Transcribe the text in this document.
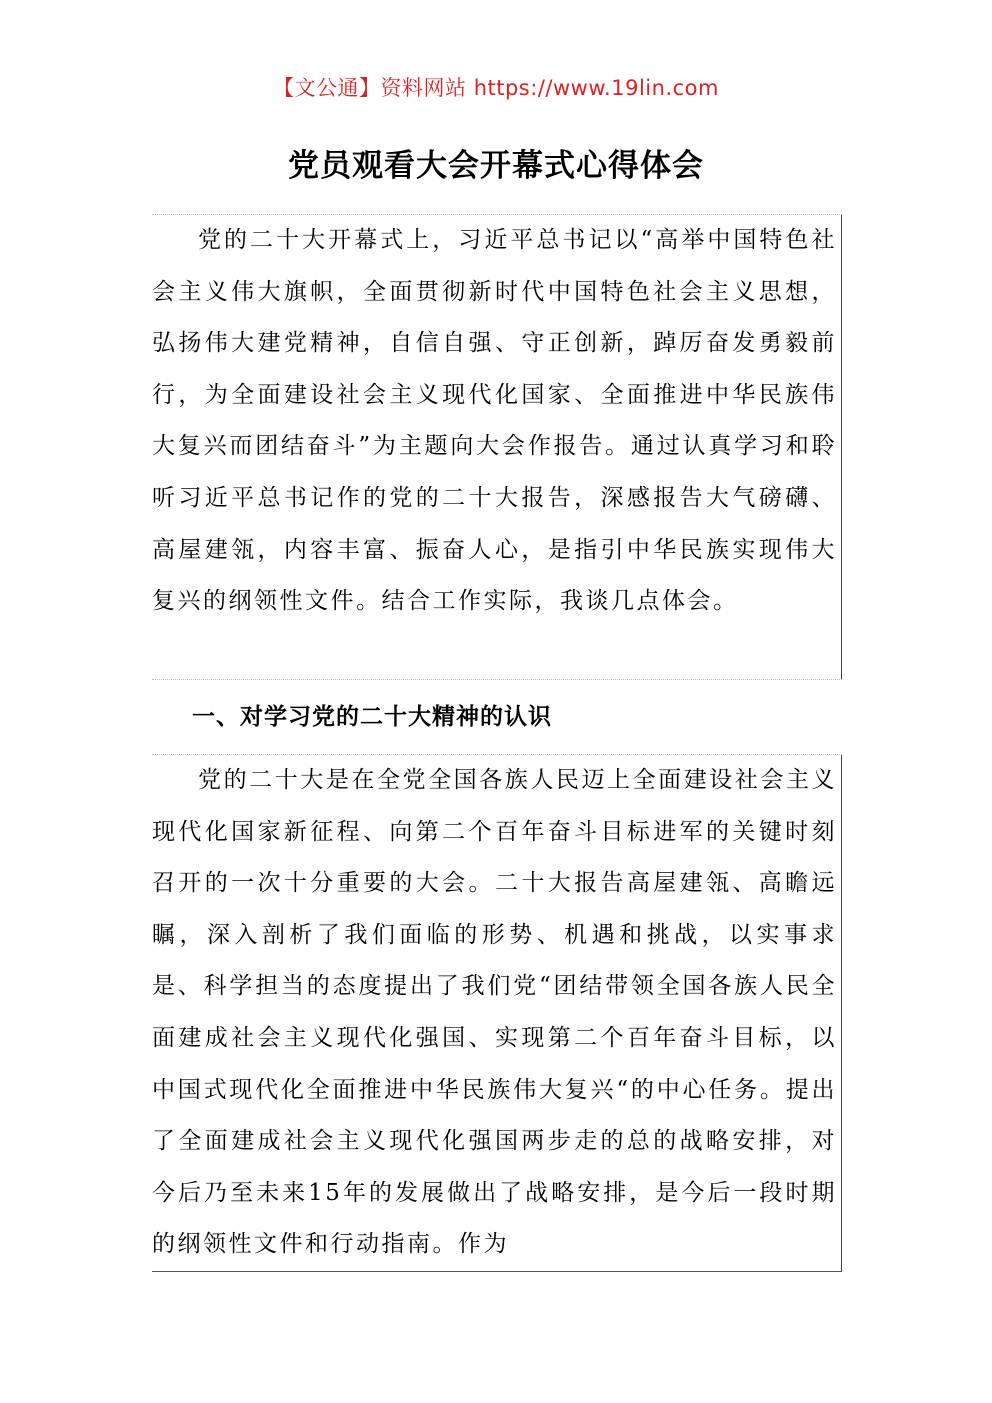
【文公通】资料网站 https://www.19lin.com
党员观看大会开幕式心得体会

党的二十大开幕式上，习近平总书记以“高举中国特色社会主义伟大旗帜，全面贯彻新时代中国特色社会主义思想，弘扬伟大建党精神，自信自强、守正创新，踔厉奋发勇毅前行，为全面建设社会主义现代化国家、全面推进中华民族伟大复兴而团结奋斗”为主题向大会作报告。通过认真学习和聆听习近平总书记作的党的二十大报告，深感报告大气磅礴、高屋建瓴，内容丰富、振奋人心，是指引中华民族实现伟大复兴的纲领性文件。结合工作实际，我谈几点体会。

一、对学习党的二十大精神的认识

党的二十大是在全党全国各族人民迈上全面建设社会主义现代化国家新征程、向第二个百年奋斗目标进军的关键时刻召开的一次十分重要的大会。二十大报告高屋建瓴、高瞻远瞩，深入剖析了我们面临的形势、机遇和挑战，以实事求是、科学担当的态度提出了我们党“团结带领全国各族人民全面建成社会主义现代化强国、实现第二个百年奋斗目标，以中国式现代化全面推进中华民族伟大复兴“的中心任务。提出了全面建成社会主义现代化强国两步走的总的战略安排，对今后乃至未来15年的发展做出了战略安排，是今后一段时期的纲领性文件和行动指南。作为
